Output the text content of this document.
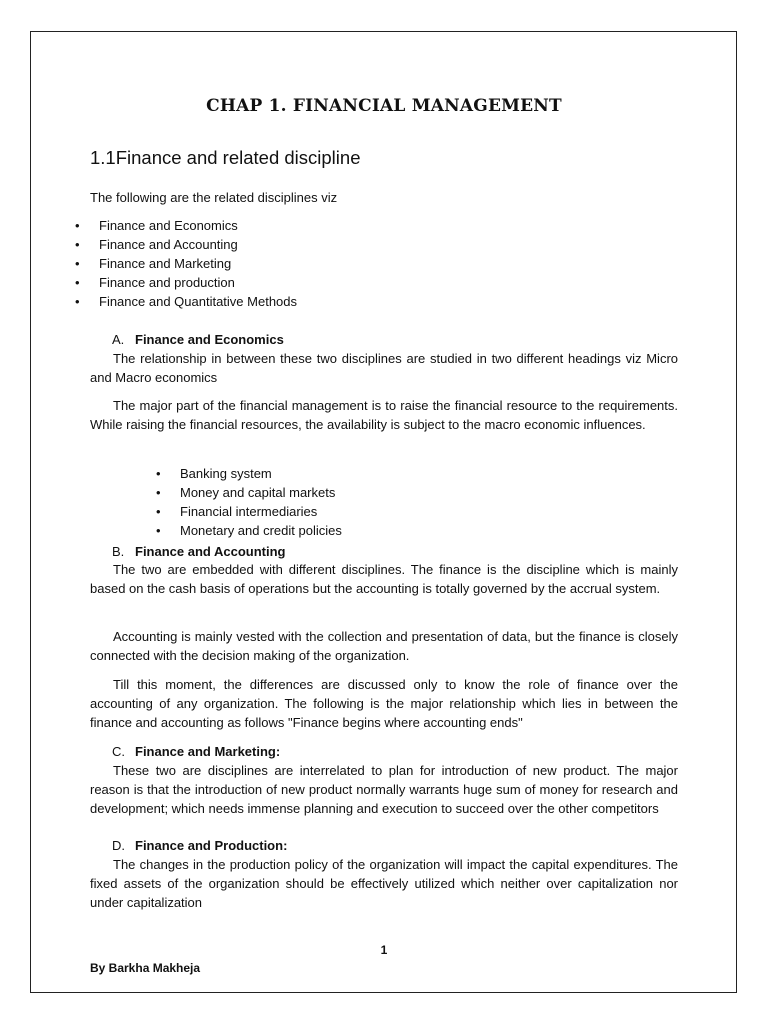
CHAP 1. FINANCIAL MANAGEMENT
1.1Finance and related discipline

The following are the related disciplines viz

• Finance and Economics
• Finance and Accounting
• Finance and Marketing
• Finance and production
• Finance and Quantitative Methods
A. Finance and Economics

The relationship in between these two disciplines are studied in two different headings viz Micro and Macro economics

The major part of the financial management is to raise the financial resource to the requirements. While raising the financial resources, the availability is subject to the macro economic influences.

• Banking system
• Money and capital markets
• Financial intermediaries
• Monetary and credit policies
B. Finance and Accounting

The two are embedded with different disciplines. The finance is the discipline which is mainly based on the cash basis of operations but the accounting is totally governed by the accrual system.

Accounting is mainly vested with the collection and presentation of data, but the finance is closely connected with the decision making of the organization.

Till this moment, the differences are discussed only to know the role of finance over the accounting of any organization. The following is the major relationship which lies in between the finance and accounting as follows "Finance begins where accounting ends"

C. Finance and Marketing:

These two are disciplines are interrelated to plan for introduction of new product. The major reason is that the introduction of new product normally warrants huge sum of money for research and development; which needs immense planning and execution to succeed over the other competitors

D. Finance and Production:

The changes in the production policy of the organization will impact the capital expenditures. The fixed assets of the organization should be effectively utilized which neither over capitalization nor under capitalization

1
By Barkha Makheja
